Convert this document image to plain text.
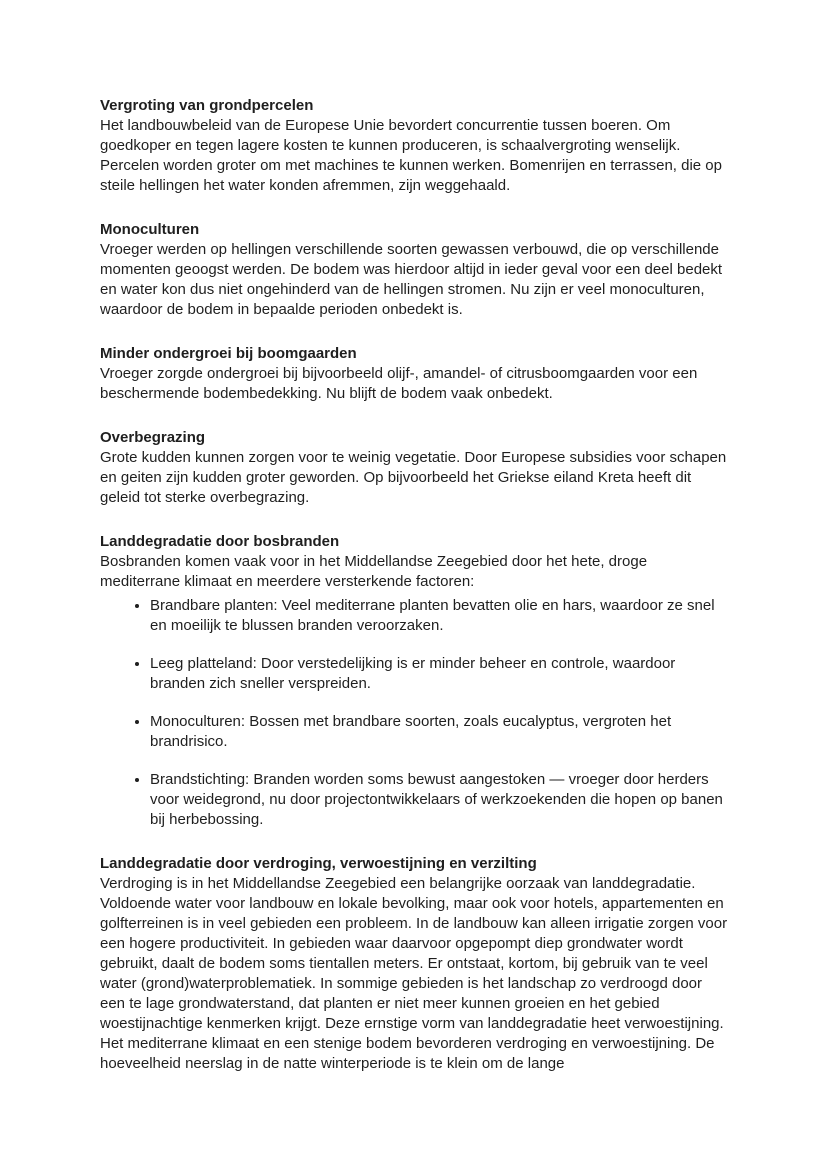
Vergroting van grondpercelen

Het landbouwbeleid van de Europese Unie bevordert concurrentie tussen boeren. Om goedkoper en tegen lagere kosten te kunnen produceren, is schaalvergroting wenselijk. Percelen worden groter om met machines te kunnen werken. Bomenrijen en terrassen, die op steile hellingen het water konden afremmen, zijn weggehaald.

Monoculturen

Vroeger werden op hellingen verschillende soorten gewassen verbouwd, die op verschillende momenten geoogst werden. De bodem was hierdoor altijd in ieder geval voor een deel bedekt en water kon dus niet ongehinderd van de hellingen stromen. Nu zijn er veel monoculturen, waardoor de bodem in bepaalde perioden onbedekt is.

Minder ondergroei bij boomgaarden

Vroeger zorgde ondergroei bij bijvoorbeeld olijf-, amandel- of citrusboomgaarden voor een beschermende bodembedekking. Nu blijft de bodem vaak onbedekt.

Overbegrazing

Grote kudden kunnen zorgen voor te weinig vegetatie. Door Europese subsidies voor schapen en geiten zijn kudden groter geworden. Op bijvoorbeeld het Griekse eiland Kreta heeft dit geleid tot sterke overbegrazing.

Landdegradatie door bosbranden

Bosbranden komen vaak voor in het Middellandse Zeegebied door het hete, droge mediterrane klimaat en meerdere versterkende factoren:

• Brandbare planten: Veel mediterrane planten bevatten olie en hars, waardoor ze snel en moeilijk te blussen branden veroorzaken.
• Leeg platteland: Door verstedelijking is er minder beheer en controle, waardoor branden zich sneller verspreiden.
• Monoculturen: Bossen met brandbare soorten, zoals eucalyptus, vergroten het brandrisico.
• Brandstichting: Branden worden soms bewust aangestoken — vroeger door herders voor weidegrond, nu door projectontwikkelaars of werkzoekenden die hopen op banen bij herbebossing.
Landdegradatie door verdroging, verwoestijning en verzilting

Verdroging is in het Middellandse Zeegebied een belangrijke oorzaak van landdegradatie. Voldoende water voor landbouw en lokale bevolking, maar ook voor hotels, appartementen en golfterreinen is in veel gebieden een probleem. In de landbouw kan alleen irrigatie zorgen voor een hogere productiviteit. In gebieden waar daarvoor opgepompt diep grondwater wordt gebruikt, daalt de bodem soms tientallen meters. Er ontstaat, kortom, bij gebruik van te veel water (grond)waterproblematiek. In sommige gebieden is het landschap zo verdroogd door een te lage grondwaterstand, dat planten er niet meer kunnen groeien en het gebied woestijnachtige kenmerken krijgt. Deze ernstige vorm van landdegradatie heet verwoestijning. Het mediterrane klimaat en een stenige bodem bevorderen verdroging en verwoestijning. De hoeveelheid neerslag in de natte winterperiode is te klein om de lange
